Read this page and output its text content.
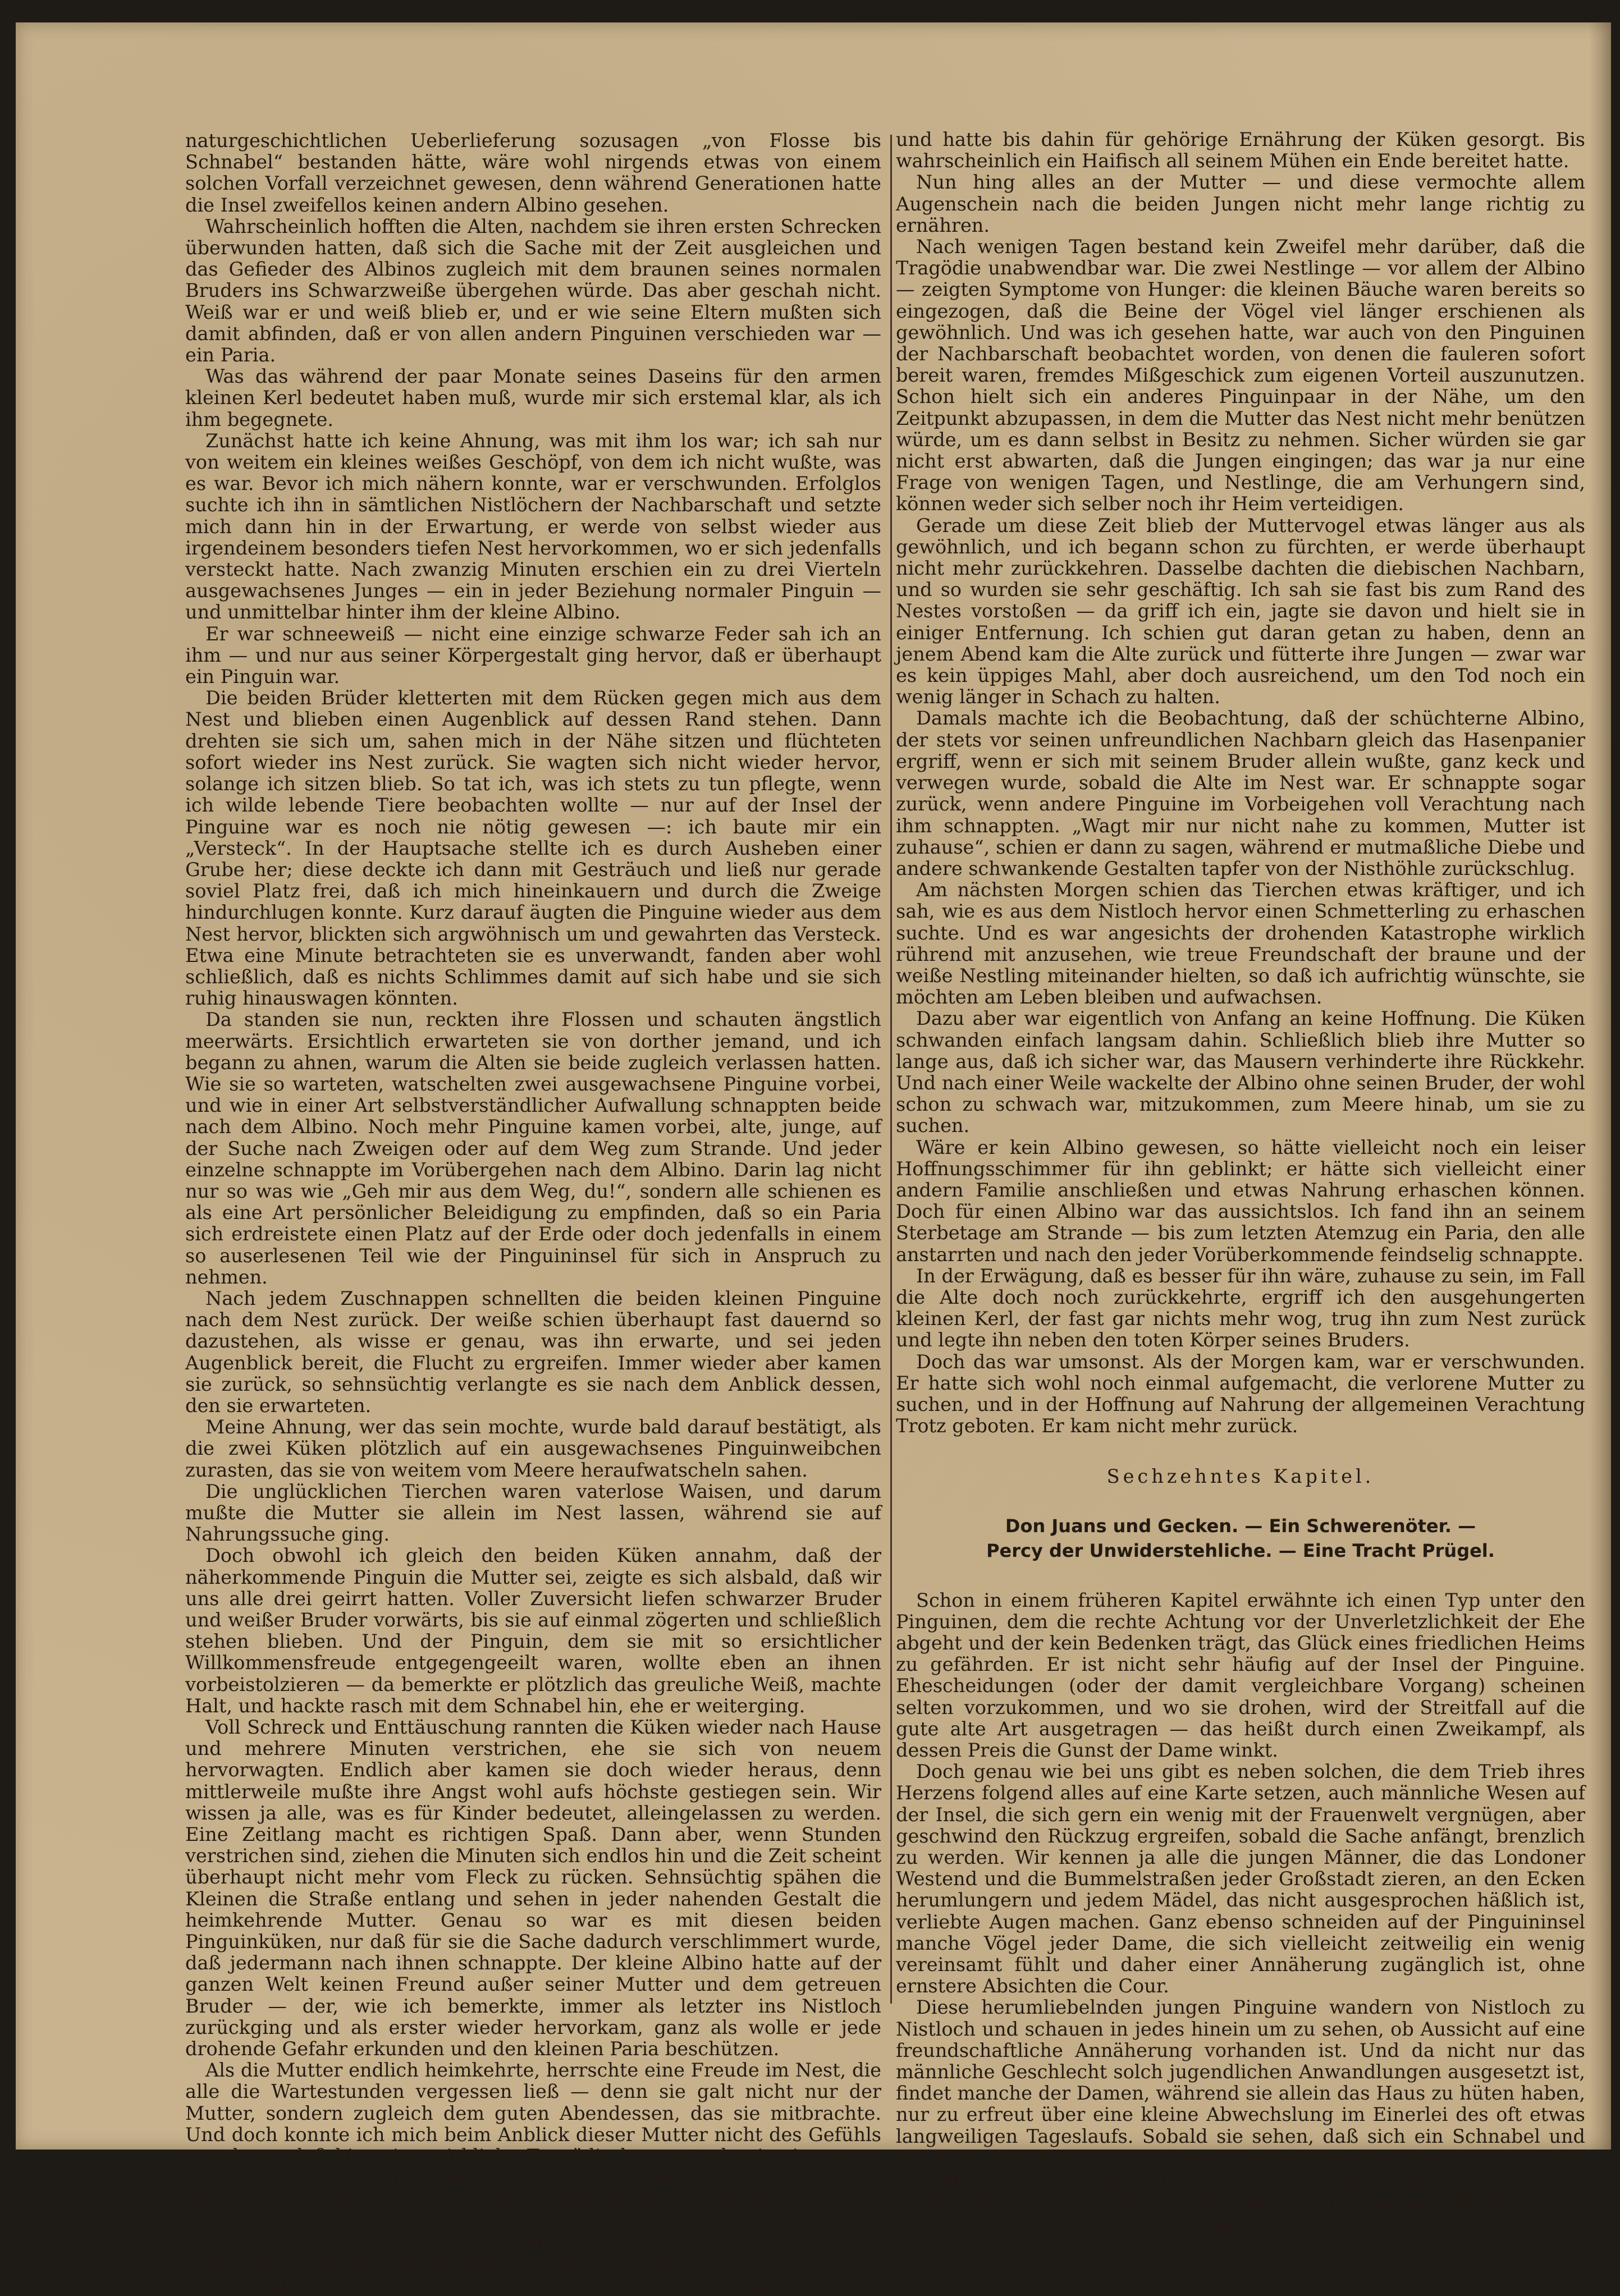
naturgeschichtlichen Ueberlieferung sozusagen „von Flosse bis Schnabel“ bestanden hätte, wäre wohl nirgends etwas von einem solchen Vorfall verzeichnet gewesen, denn während Generationen hatte die Insel zweifellos keinen andern Albino gesehen.

Wahrscheinlich hofften die Alten, nachdem sie ihren ersten Schrecken überwunden hatten, daß sich die Sache mit der Zeit ausgleichen und das Gefieder des Albinos zugleich mit dem braunen seines normalen Bruders ins Schwarzweiße übergehen würde. Das aber geschah nicht. Weiß war er und weiß blieb er, und er wie seine Eltern mußten sich damit abfinden, daß er von allen andern Pinguinen verschieden war — ein Paria.

Was das während der paar Monate seines Daseins für den armen kleinen Kerl bedeutet haben muß, wurde mir sich erstemal klar, als ich ihm begegnete.

Zunächst hatte ich keine Ahnung, was mit ihm los war; ich sah nur von weitem ein kleines weißes Geschöpf, von dem ich nicht wußte, was es war. Bevor ich mich nähern konnte, war er verschwunden. Erfolglos suchte ich ihn in sämtlichen Nistlöchern der Nachbarschaft und setzte mich dann hin in der Erwartung, er werde von selbst wieder aus irgendeinem besonders tiefen Nest hervorkommen, wo er sich jedenfalls versteckt hatte. Nach zwanzig Minuten erschien ein zu drei Vierteln ausgewachsenes Junges — ein in jeder Beziehung normaler Pinguin — und unmittelbar hinter ihm der kleine Albino.

Er war schneeweiß — nicht eine einzige schwarze Feder sah ich an ihm — und nur aus seiner Körpergestalt ging hervor, daß er überhaupt ein Pinguin war.

Die beiden Brüder kletterten mit dem Rücken gegen mich aus dem Nest und blieben einen Augenblick auf dessen Rand stehen. Dann drehten sie sich um, sahen mich in der Nähe sitzen und flüchteten sofort wieder ins Nest zurück. Sie wagten sich nicht wieder hervor, solange ich sitzen blieb. So tat ich, was ich stets zu tun pflegte, wenn ich wilde lebende Tiere beobachten wollte — nur auf der Insel der Pinguine war es noch nie nötig gewesen —: ich baute mir ein „Versteck“. In der Hauptsache stellte ich es durch Ausheben einer Grube her; diese deckte ich dann mit Gesträuch und ließ nur gerade soviel Platz frei, daß ich mich hineinkauern und durch die Zweige hindurchlugen konnte. Kurz darauf äugten die Pinguine wieder aus dem Nest hervor, blickten sich argwöhnisch um und gewahrten das Versteck. Etwa eine Minute betrachteten sie es unverwandt, fanden aber wohl schließlich, daß es nichts Schlimmes damit auf sich habe und sie sich ruhig hinauswagen könnten.

Da standen sie nun, reckten ihre Flossen und schauten ängstlich meerwärts. Ersichtlich erwarteten sie von dorther jemand, und ich begann zu ahnen, warum die Alten sie beide zugleich verlassen hatten. Wie sie so warteten, watschelten zwei ausgewachsene Pinguine vorbei, und wie in einer Art selbstverständlicher Aufwallung schnappten beide nach dem Albino. Noch mehr Pinguine kamen vorbei, alte, junge, auf der Suche nach Zweigen oder auf dem Weg zum Strande. Und jeder einzelne schnappte im Vorübergehen nach dem Albino. Darin lag nicht nur so was wie „Geh mir aus dem Weg, du!“, sondern alle schienen es als eine Art persönlicher Beleidigung zu empfinden, daß so ein Paria sich erdreistete einen Platz auf der Erde oder doch jedenfalls in einem so auserlesenen Teil wie der Pinguininsel für sich in Anspruch zu nehmen.

Nach jedem Zuschnappen schnellten die beiden kleinen Pinguine nach dem Nest zurück. Der weiße schien überhaupt fast dauernd so dazustehen, als wisse er genau, was ihn erwarte, und sei jeden Augenblick bereit, die Flucht zu ergreifen. Immer wieder aber kamen sie zurück, so sehnsüchtig verlangte es sie nach dem Anblick dessen, den sie erwarteten.

Meine Ahnung, wer das sein mochte, wurde bald darauf bestätigt, als die zwei Küken plötzlich auf ein ausgewachsenes Pinguinweibchen zurasten, das sie von weitem vom Meere heraufwatscheln sahen.

Die unglücklichen Tierchen waren vaterlose Waisen, und darum mußte die Mutter sie allein im Nest lassen, während sie auf Nahrungssuche ging.

Doch obwohl ich gleich den beiden Küken annahm, daß der näherkommende Pinguin die Mutter sei, zeigte es sich alsbald, daß wir uns alle drei geirrt hatten. Voller Zuversicht liefen schwarzer Bruder und weißer Bruder vorwärts, bis sie auf einmal zögerten und schließlich stehen blieben. Und der Pinguin, dem sie mit so ersichtlicher Willkommensfreude entgegengeeilt waren, wollte eben an ihnen vorbeistolzieren — da bemerkte er plötzlich das greuliche Weiß, machte Halt, und hackte rasch mit dem Schnabel hin, ehe er weiterging.

Voll Schreck und Enttäuschung rannten die Küken wieder nach Hause und mehrere Minuten verstrichen, ehe sie sich von neuem hervorwagten. Endlich aber kamen sie doch wieder heraus, denn mittlerweile mußte ihre Angst wohl aufs höchste gestiegen sein. Wir wissen ja alle, was es für Kinder bedeutet, alleingelassen zu werden. Eine Zeitlang macht es richtigen Spaß. Dann aber, wenn Stunden verstrichen sind, ziehen die Minuten sich endlos hin und die Zeit scheint überhaupt nicht mehr vom Fleck zu rücken. Sehnsüchtig spähen die Kleinen die Straße entlang und sehen in jeder nahenden Gestalt die heimkehrende Mutter. Genau so war es mit diesen beiden Pinguinküken, nur daß für sie die Sache dadurch verschlimmert wurde, daß jedermann nach ihnen schnappte. Der kleine Albino hatte auf der ganzen Welt keinen Freund außer seiner Mutter und dem getreuen Bruder — der, wie ich bemerkte, immer als letzter ins Nistloch zurückging und als erster wieder hervorkam, ganz als wolle er jede drohende Gefahr erkunden und den kleinen Paria beschützen.

Als die Mutter endlich heimkehrte, herrschte eine Freude im Nest, die alle die Wartestunden vergessen ließ — denn sie galt nicht nur der Mutter, sondern zugleich dem guten Abendessen, das sie mitbrachte. Und doch konnte ich mich beim Anblick dieser Mutter nicht des Gefühls erwehren, daß hier eine wirkliche Tragödie bevorstand, wie sie nur zu oft die Nestlinge der Insel befällt. Trotz des trübseligen Daseins, zu dem sie sichtlich verdammt waren, waren beide Brüder wohlgenährt, und ich hatte daher angenommen, daß auch die Alte in guter Verfassung sein müsse. Doch als ich sie erblickte, sah ich, daß das nicht der Fall war. Im Gegenteil — sie stand unmittelbar vor dem Mausern.

Jedenfalls war der Vater erst ein oder zwei Tage vorher eingegangen

und hatte bis dahin für gehörige Ernährung der Küken gesorgt. Bis wahrscheinlich ein Haifisch all seinem Mühen ein Ende bereitet hatte.

Nun hing alles an der Mutter — und diese vermochte allem Augenschein nach die beiden Jungen nicht mehr lange richtig zu ernähren.

Nach wenigen Tagen bestand kein Zweifel mehr darüber, daß die Tragödie unabwendbar war. Die zwei Nestlinge — vor allem der Albino — zeigten Symptome von Hunger: die kleinen Bäuche waren bereits so eingezogen, daß die Beine der Vögel viel länger erschienen als gewöhnlich. Und was ich gesehen hatte, war auch von den Pinguinen der Nachbarschaft beobachtet worden, von denen die fauleren sofort bereit waren, fremdes Mißgeschick zum eigenen Vorteil auszunutzen. Schon hielt sich ein anderes Pinguinpaar in der Nähe, um den Zeitpunkt abzupassen, in dem die Mutter das Nest nicht mehr benützen würde, um es dann selbst in Besitz zu nehmen. Sicher würden sie gar nicht erst abwarten, daß die Jungen eingingen; das war ja nur eine Frage von wenigen Tagen, und Nestlinge, die am Verhungern sind, können weder sich selber noch ihr Heim verteidigen.

Gerade um diese Zeit blieb der Muttervogel etwas länger aus als gewöhnlich, und ich begann schon zu fürchten, er werde überhaupt nicht mehr zurückkehren. Dasselbe dachten die diebischen Nachbarn, und so wurden sie sehr geschäftig. Ich sah sie fast bis zum Rand des Nestes vorstoßen — da griff ich ein, jagte sie davon und hielt sie in einiger Entfernung. Ich schien gut daran getan zu haben, denn an jenem Abend kam die Alte zurück und fütterte ihre Jungen — zwar war es kein üppiges Mahl, aber doch ausreichend, um den Tod noch ein wenig länger in Schach zu halten.

Damals machte ich die Beobachtung, daß der schüchterne Albino, der stets vor seinen unfreundlichen Nachbarn gleich das Hasenpanier ergriff, wenn er sich mit seinem Bruder allein wußte, ganz keck und verwegen wurde, sobald die Alte im Nest war. Er schnappte sogar zurück, wenn andere Pinguine im Vorbeigehen voll Verachtung nach ihm schnappten. „Wagt mir nur nicht nahe zu kommen, Mutter ist zuhause“, schien er dann zu sagen, während er mutmaßliche Diebe und andere schwankende Gestalten tapfer von der Nisthöhle zurückschlug.

Am nächsten Morgen schien das Tierchen etwas kräftiger, und ich sah, wie es aus dem Nistloch hervor einen Schmetterling zu erhaschen suchte. Und es war angesichts der drohenden Katastrophe wirklich rührend mit anzusehen, wie treue Freundschaft der braune und der weiße Nestling miteinander hielten, so daß ich aufrichtig wünschte, sie möchten am Leben bleiben und aufwachsen.

Dazu aber war eigentlich von Anfang an keine Hoffnung. Die Küken schwanden einfach langsam dahin. Schließlich blieb ihre Mutter so lange aus, daß ich sicher war, das Mausern verhinderte ihre Rückkehr. Und nach einer Weile wackelte der Albino ohne seinen Bruder, der wohl schon zu schwach war, mitzukommen, zum Meere hinab, um sie zu suchen.

Wäre er kein Albino gewesen, so hätte vielleicht noch ein leiser Hoffnungsschimmer für ihn geblinkt; er hätte sich vielleicht einer andern Familie anschließen und etwas Nahrung erhaschen können. Doch für einen Albino war das aussichtslos. Ich fand ihn an seinem Sterbetage am Strande — bis zum letzten Atemzug ein Paria, den alle anstarrten und nach den jeder Vorüberkommende feindselig schnappte.

In der Erwägung, daß es besser für ihn wäre, zuhause zu sein, im Fall die Alte doch noch zurückkehrte, ergriff ich den ausgehungerten kleinen Kerl, der fast gar nichts mehr wog, trug ihn zum Nest zurück und legte ihn neben den toten Körper seines Bruders.

Doch das war umsonst. Als der Morgen kam, war er verschwunden. Er hatte sich wohl noch einmal aufgemacht, die verlorene Mutter zu suchen, und in der Hoffnung auf Nahrung der allgemeinen Verachtung Trotz geboten. Er kam nicht mehr zurück.

Sechzehntes Kapitel.

Don Juans und Gecken. — Ein Schwerenöter. —

Percy der Unwiderstehliche. — Eine Tracht Prügel.

Schon in einem früheren Kapitel erwähnte ich einen Typ unter den Pinguinen, dem die rechte Achtung vor der Unverletzlichkeit der Ehe abgeht und der kein Bedenken trägt, das Glück eines friedlichen Heims zu gefährden. Er ist nicht sehr häufig auf der Insel der Pinguine. Ehescheidungen (oder der damit vergleichbare Vorgang) scheinen selten vorzukommen, und wo sie drohen, wird der Streitfall auf die gute alte Art ausgetragen — das heißt durch einen Zweikampf, als dessen Preis die Gunst der Dame winkt.

Doch genau wie bei uns gibt es neben solchen, die dem Trieb ihres Herzens folgend alles auf eine Karte setzen, auch männliche Wesen auf der Insel, die sich gern ein wenig mit der Frauenwelt vergnügen, aber geschwind den Rückzug ergreifen, sobald die Sache anfängt, brenzlich zu werden. Wir kennen ja alle die jungen Männer, die das Londoner Westend und die Bummelstraßen jeder Großstadt zieren, an den Ecken herumlungern und jedem Mädel, das nicht ausgesprochen häßlich ist, verliebte Augen machen. Ganz ebenso schneiden auf der Pinguininsel manche Vögel jeder Dame, die sich vielleicht zeitweilig ein wenig vereinsamt fühlt und daher einer Annäherung zugänglich ist, ohne ernstere Absichten die Cour.

Diese herumliebelnden jungen Pinguine wandern von Nistloch zu Nistloch und schauen in jedes hinein um zu sehen, ob Aussicht auf eine freundschaftliche Annäherung vorhanden ist. Und da nicht nur das männliche Geschlecht solch jugendlichen Anwandlungen ausgesetzt ist, findet manche der Damen, während sie allein das Haus zu hüten haben, nur zu erfreut über eine kleine Abwechslung im Einerlei des oft etwas langweiligen Tageslaufs. Sobald sie sehen, daß sich ein Schnabel und ein Kopf über den Nestrand beugt, antworten sie, indem sie den Hals recken (was stets ein Zeichen der Erregung, wenn nicht gar der Leidenschaft zu sein scheint) und dem Besucher ins Auge blicken.

(Schluß folgt.)
